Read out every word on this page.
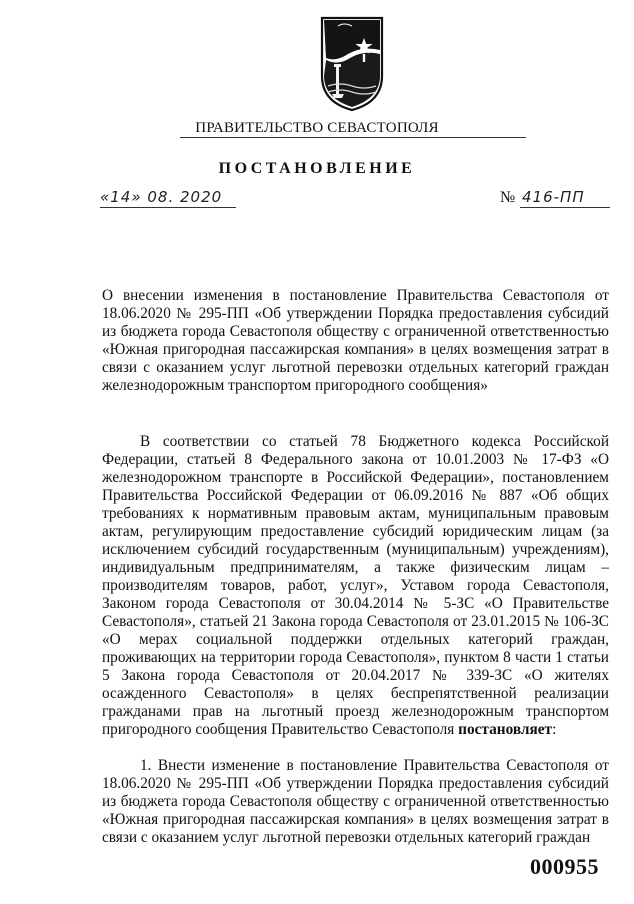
ПРАВИТЕЛЬСТВО СЕВАСТОПОЛЯ
ПОСТАНОВЛЕНИЕ
«14» 08. 2020	№ 416-ПП
О внесении изменения в постановление Правительства Севастополя от 18.06.2020 № 295-ПП «Об утверждении Порядка предоставления субсидий из бюджета города Севастополя обществу с ограниченной ответственностью «Южная пригородная пассажирская компания» в целях возмещения затрат в связи с оказанием услуг льготной перевозки отдельных категорий граждан железнодорожным транспортом пригородного сообщения»
В соответствии со статьей 78 Бюджетного кодекса Российской Федерации, статьей 8 Федерального закона от 10.01.2003 № 17-ФЗ «О железнодорожном транспорте в Российской Федерации», постановлением Правительства Российской Федерации от 06.09.2016 № 887 «Об общих требованиях к нормативным правовым актам, муниципальным правовым актам, регулирующим предоставление субсидий юридическим лицам (за исключением субсидий государственным (муниципальным) учреждениям), индивидуальным предпринимателям, а также физическим лицам – производителям товаров, работ, услуг», Уставом города Севастополя, Законом города Севастополя от 30.04.2014 № 5-ЗС «О Правительстве Севастополя», статьей 21 Закона города Севастополя от 23.01.2015 № 106-ЗС «О мерах социальной поддержки отдельных категорий граждан, проживающих на территории города Севастополя», пунктом 8 части 1 статьи 5 Закона города Севастополя от 20.04.2017 № 339-ЗС «О жителях осажденного Севастополя» в целях беспрепятственной реализации гражданами прав на льготный проезд железнодорожным транспортом пригородного сообщения Правительство Севастополя постановляет:
1. Внести изменение в постановление Правительства Севастополя от 18.06.2020 № 295-ПП «Об утверждении Порядка предоставления субсидий из бюджета города Севастополя обществу с ограниченной ответственностью «Южная пригородная пассажирская компания» в целях возмещения затрат в связи с оказанием услуг льготной перевозки отдельных категорий граждан
000955
